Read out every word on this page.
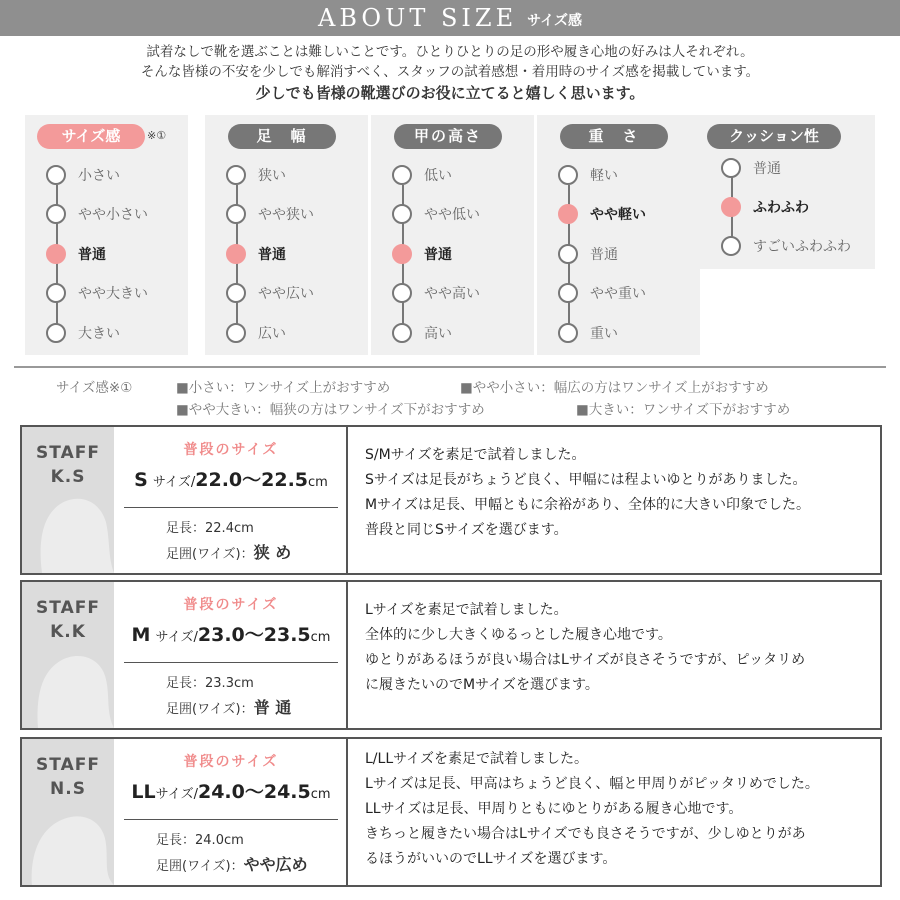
ABOUT SIZE サイズ感

試着なしで靴を選ぶことは難しいことです。ひとりひとりの足の形や履き心地の好みは人それぞれ。

そんな皆様の不安を少しでも解消すべく、スタッフの試着感想・着用時のサイズ感を掲載しています。

少しでも皆様の靴選びのお役に立てると嬉しく思います。

サイズ感	※①
小さい
やや小さい
普通
やや大きい
大きい
足　幅
狭い
やや狭い
普通
やや広い
広い
甲の高さ
低い
やや低い
普通
やや高い
高い
重　さ
軽い
やや軽い
普通
やや重い
重い
クッション性
普通
ふわふわ
すごいふわふわ
サイズ感※①	■小さい：ワンサイズ上がおすすめ	■やや小さい：幅広の方はワンサイズ上がおすすめ
■やや大きい：幅狭の方はワンサイズ下がおすすめ	■大きい：ワンサイズ下がおすすめ
STAFF
K.S
普段のサイズ
S サイズ/22.0〜22.5cm
足長：22.4cm
足囲(ワイズ)：狭 め
S/Mサイズを素足で試着しました。
Sサイズは足長がちょうど良く、甲幅には程よいゆとりがありました。
Mサイズは足長、甲幅ともに余裕があり、全体的に大きい印象でした。
普段と同じSサイズを選びます。
STAFF
K.K
普段のサイズ
M サイズ/23.0〜23.5cm
足長：23.3cm
足囲(ワイズ)：普 通
Lサイズを素足で試着しました。
全体的に少し大きくゆるっとした履き心地です。
ゆとりがあるほうが良い場合はLサイズが良さそうですが、ピッタリめ
に履きたいのでMサイズを選びます。
STAFF
N.S
普段のサイズ
LLサイズ/24.0〜24.5cm
足長：24.0cm
足囲(ワイズ)：やや広め
L/LLサイズを素足で試着しました。
Lサイズは足長、甲高はちょうど良く、幅と甲周りがピッタリめでした。
LLサイズは足長、甲周りともにゆとりがある履き心地です。
きちっと履きたい場合はLサイズでも良さそうですが、少しゆとりがあ
るほうがいいのでLLサイズを選びます。
